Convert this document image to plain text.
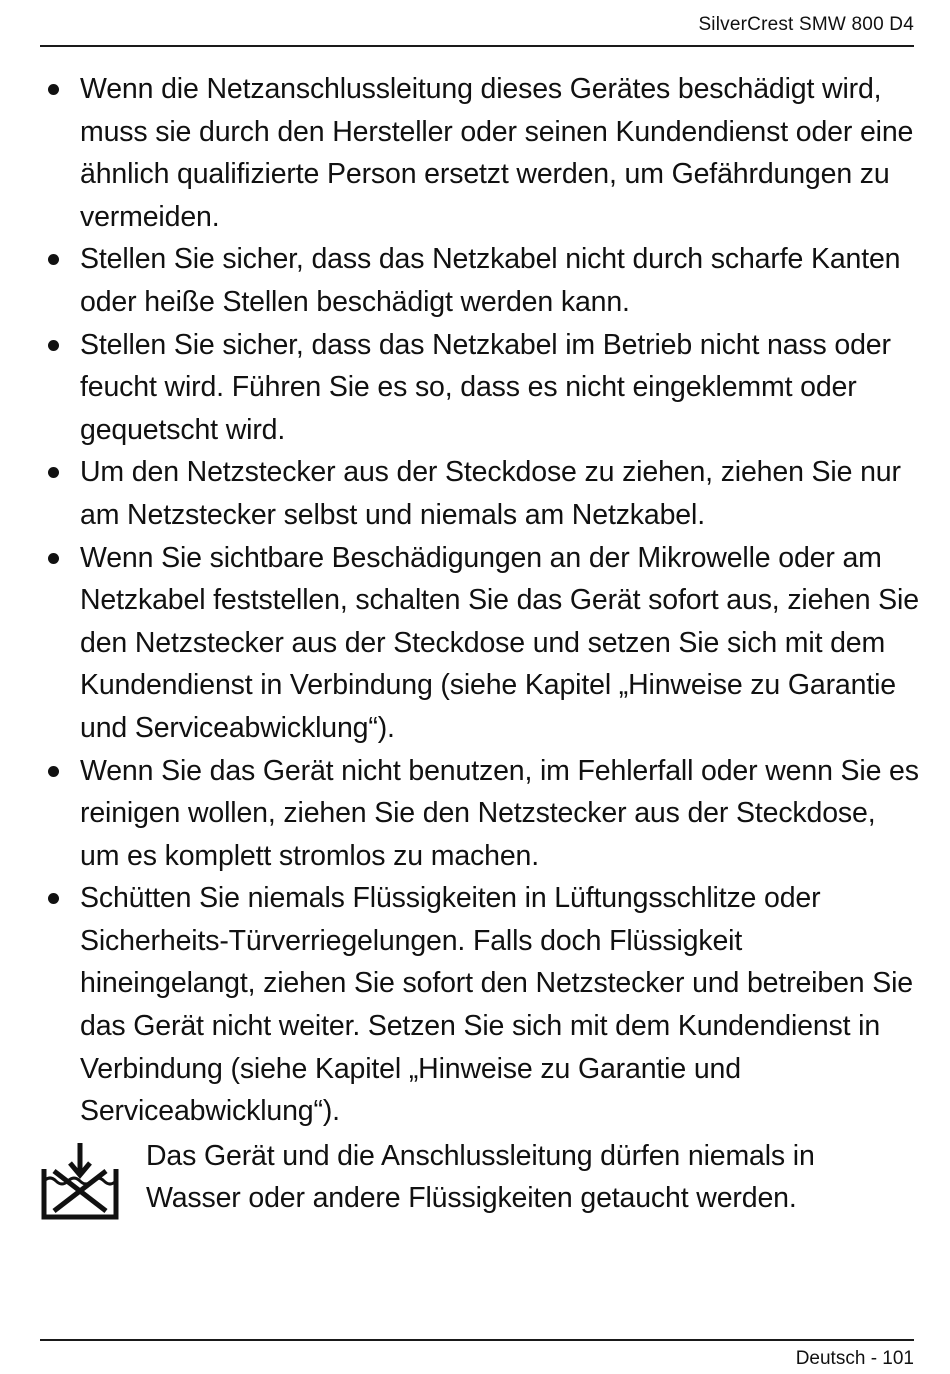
SilverCrest SMW 800 D4
Wenn die Netzanschlussleitung dieses Gerätes beschädigt wird, muss sie durch den Hersteller oder seinen Kundendienst oder eine ähnlich qualifizierte Person ersetzt werden, um Gefährdungen zu vermeiden.
Stellen Sie sicher, dass das Netzkabel nicht durch scharfe Kanten oder heiße Stellen beschädigt werden kann.
Stellen Sie sicher, dass das Netzkabel im Betrieb nicht nass oder feucht wird. Führen Sie es so, dass es nicht eingeklemmt oder gequetscht wird.
Um den Netzstecker aus der Steckdose zu ziehen, ziehen Sie nur am Netzstecker selbst und niemals am Netzkabel.
Wenn Sie sichtbare Beschädigungen an der Mikrowelle oder am Netzkabel feststellen, schalten Sie das Gerät sofort aus, ziehen Sie den Netzstecker aus der Steckdose und setzen Sie sich mit dem Kundendienst in Verbindung (siehe Kapitel „Hinweise zu Garantie und Serviceabwicklung“).
Wenn Sie das Gerät nicht benutzen, im Fehlerfall oder wenn Sie es reinigen wollen, ziehen Sie den Netzstecker aus der Steckdose, um es komplett stromlos zu machen.
Schütten Sie niemals Flüssigkeiten in Lüftungsschlitze oder Sicherheits-Türverriegelungen. Falls doch Flüssigkeit hineingelangt, ziehen Sie sofort den Netzstecker und betreiben Sie das Gerät nicht weiter. Setzen Sie sich mit dem Kundendienst in Verbindung (siehe Kapitel „Hinweise zu Garantie und Serviceabwicklung“).
Das Gerät und die Anschlussleitung dürfen niemals in Wasser oder andere Flüssigkeiten getaucht werden.
Deutsch - 101
